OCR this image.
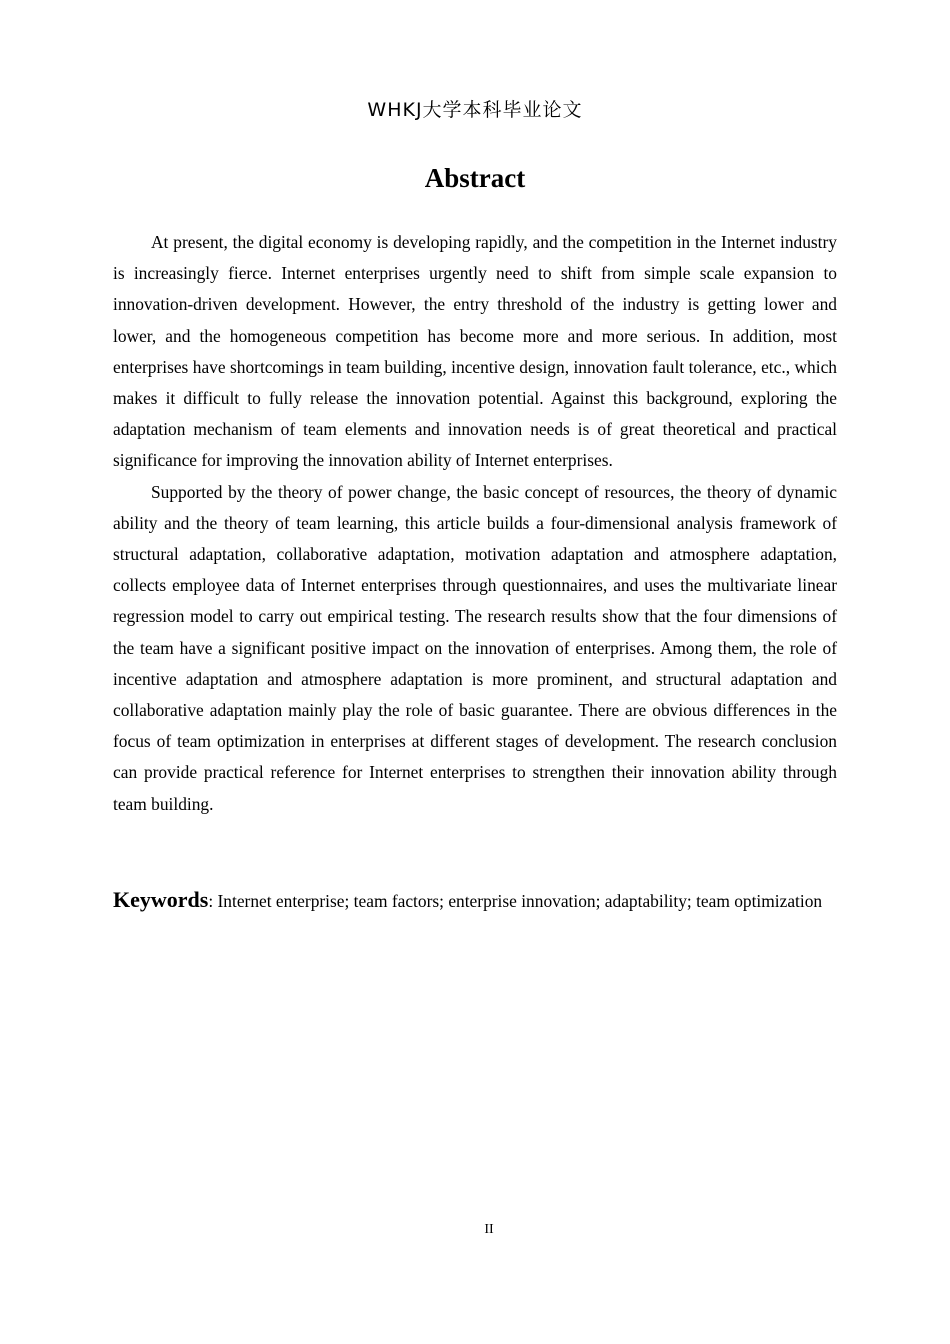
WHKJ大学本科毕业论文
Abstract

At present, the digital economy is developing rapidly, and the competition in the Internet industry is increasingly fierce. Internet enterprises urgently need to shift from simple scale expansion to innovation-driven development. However, the entry threshold of the industry is getting lower and lower, and the homogeneous competition has become more and more serious. In addition, most enterprises have shortcomings in team building, incentive design, innovation fault tolerance, etc., which makes it difficult to fully release the innovation potential. Against this background, exploring the adaptation mechanism of team elements and innovation needs is of great theoretical and practical significance for improving the innovation ability of Internet enterprises.

Supported by the theory of power change, the basic concept of resources, the theory of dynamic ability and the theory of team learning, this article builds a four-dimensional analysis framework of structural adaptation, collaborative adaptation, motivation adaptation and atmosphere adaptation, collects employee data of Internet enterprises through questionnaires, and uses the multivariate linear regression model to carry out empirical testing. The research results show that the four dimensions of the team have a significant positive impact on the innovation of enterprises. Among them, the role of incentive adaptation and atmosphere adaptation is more prominent, and structural adaptation and collaborative adaptation mainly play the role of basic guarantee. There are obvious differences in the focus of team optimization in enterprises at different stages of development. The research conclusion can provide practical reference for Internet enterprises to strengthen their innovation ability through team building.

Keywords: Internet enterprise; team factors; enterprise innovation; adaptability; team optimization
II
